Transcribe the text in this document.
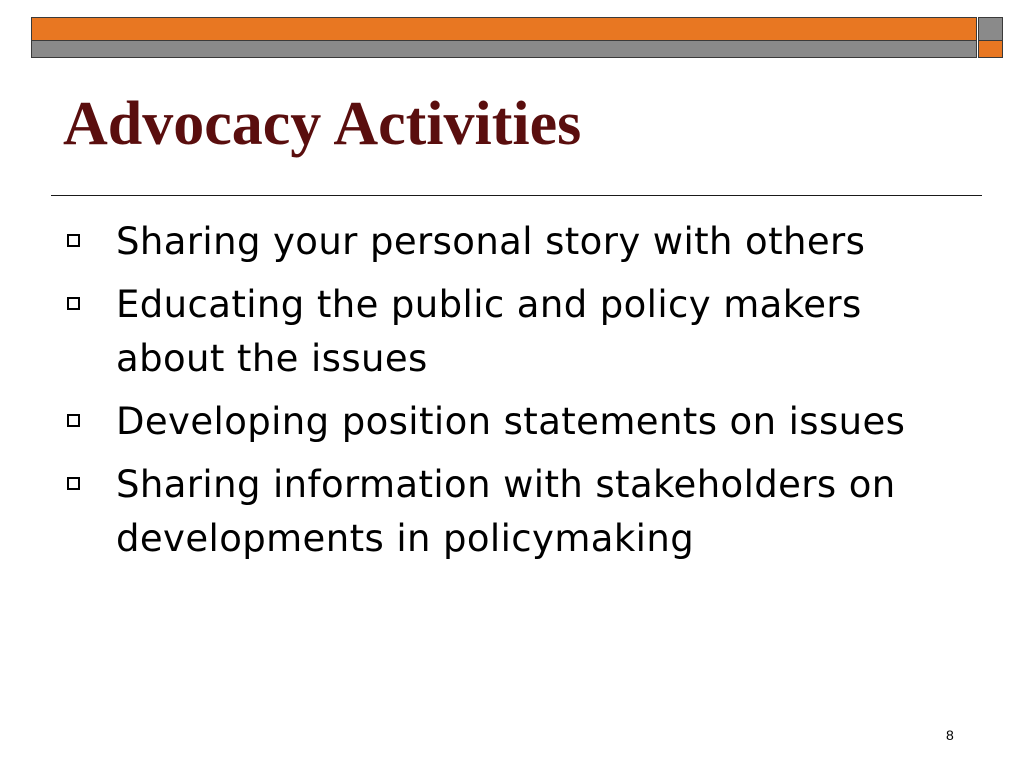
Advocacy Activities
Sharing your personal story with others
Educating the public and policy makers about the issues
Developing position statements on issues
Sharing information with stakeholders on developments in policymaking
8
